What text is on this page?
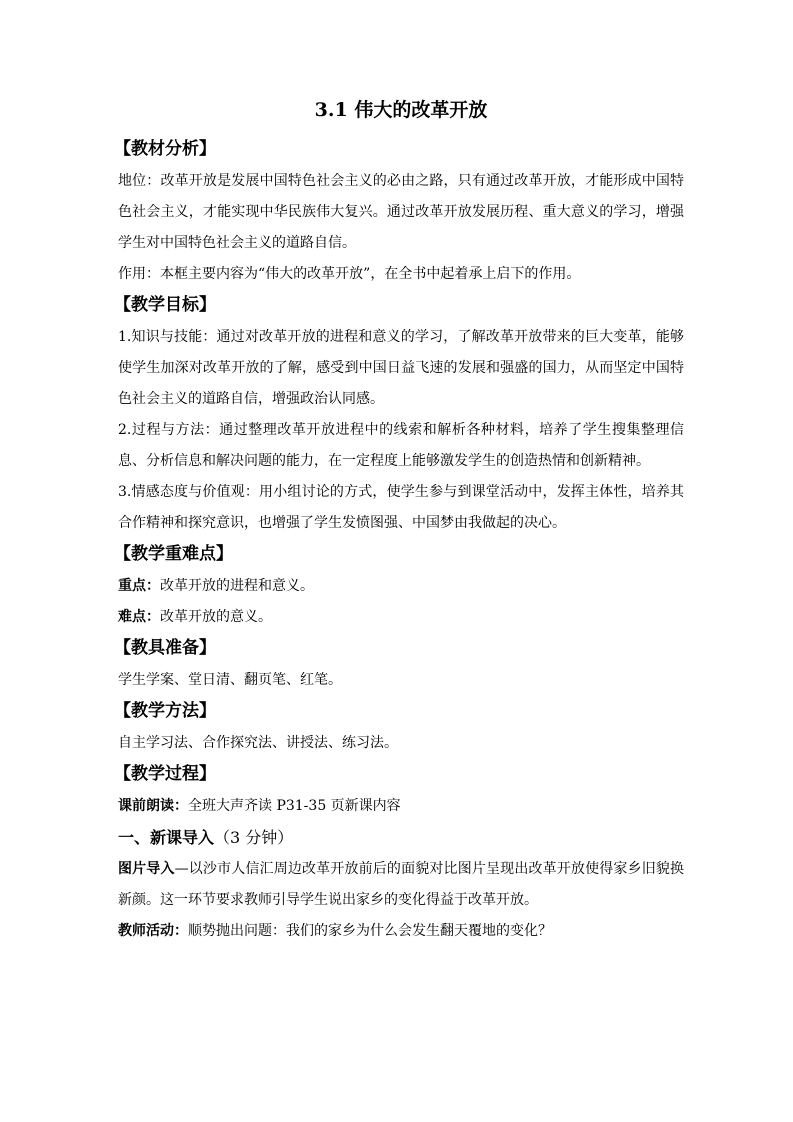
3.1 伟大的改革开放
【教材分析】

地位：改革开放是发展中国特色社会主义的必由之路，只有通过改革开放，才能形成中国特色社会主义，才能实现中华民族伟大复兴。通过改革开放发展历程、重大意义的学习，增强学生对中国特色社会主义的道路自信。

作用：本框主要内容为“伟大的改革开放”，在全书中起着承上启下的作用。

【教学目标】

1.知识与技能：通过对改革开放的进程和意义的学习，了解改革开放带来的巨大变革，能够使学生加深对改革开放的了解，感受到中国日益飞速的发展和强盛的国力，从而坚定中国特色社会主义的道路自信，增强政治认同感。

2.过程与方法：通过整理改革开放进程中的线索和解析各种材料，培养了学生搜集整理信息、分析信息和解决问题的能力，在一定程度上能够激发学生的创造热情和创新精神。

3.情感态度与价值观：用小组讨论的方式，使学生参与到课堂活动中，发挥主体性，培养其合作精神和探究意识，也增强了学生发愤图强、中国梦由我做起的决心。

【教学重难点】

重点：改革开放的进程和意义。

难点：改革开放的意义。

【教具准备】

学生学案、堂日清、翻页笔、红笔。

【教学方法】

自主学习法、合作探究法、讲授法、练习法。

【教学过程】

课前朗读：全班大声齐读 P31-35 页新课内容

一、新课导入（3 分钟）

图片导入—以沙市人信汇周边改革开放前后的面貌对比图片呈现出改革开放使得家乡旧貌换新颜。这一环节要求教师引导学生说出家乡的变化得益于改革开放。

教师活动：顺势抛出问题：我们的家乡为什么会发生翻天覆地的变化？
